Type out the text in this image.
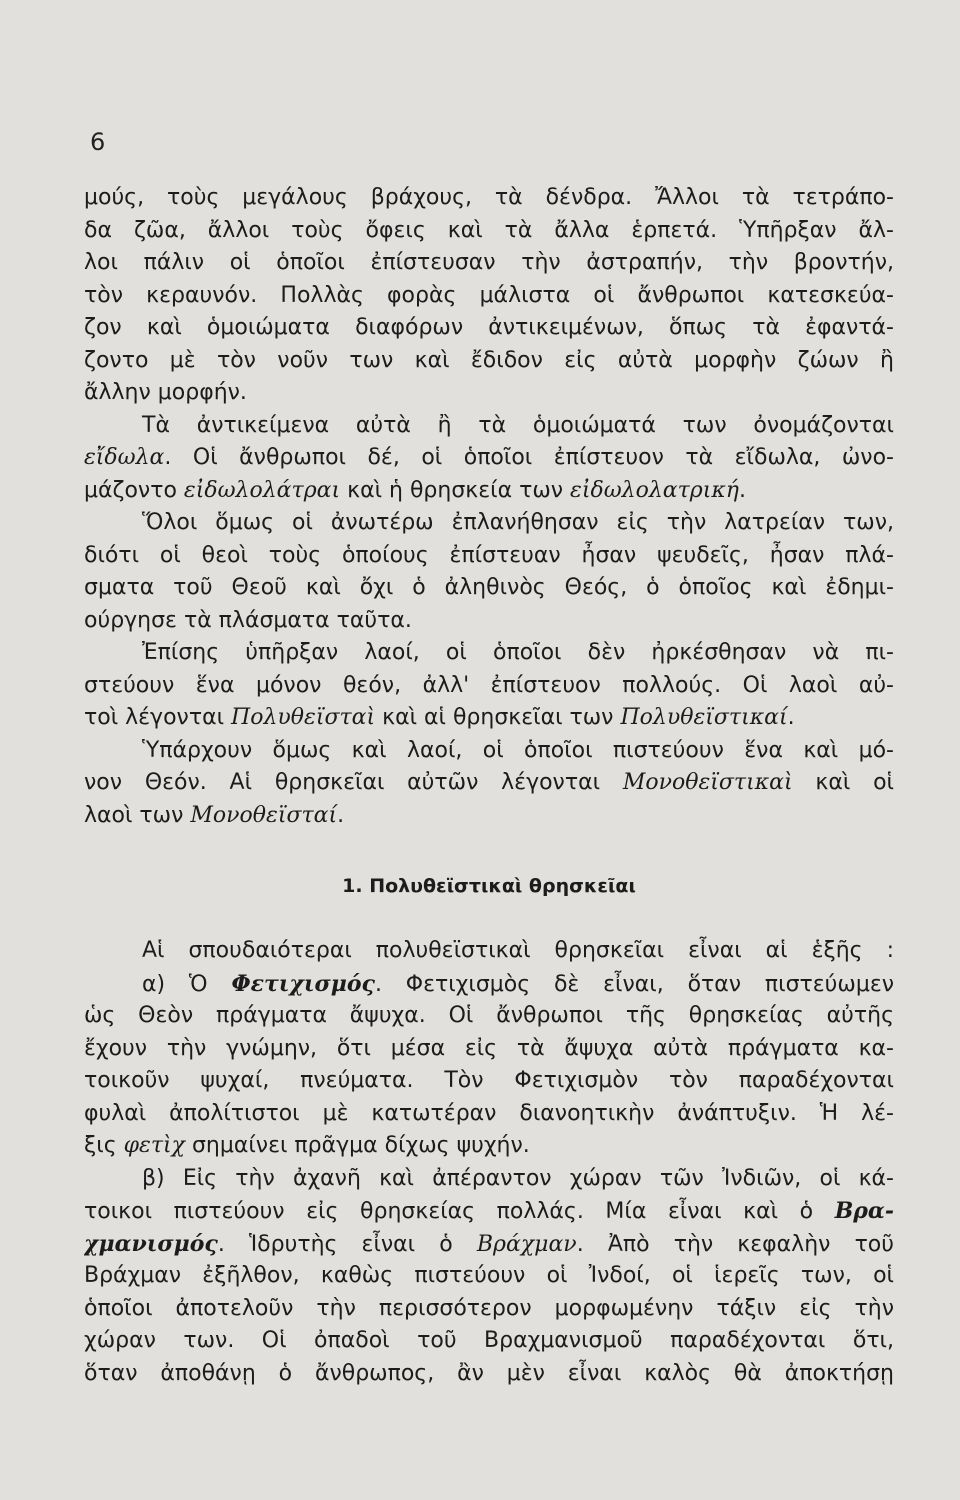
6
μούς, τοὺς μεγάλους βράχους, τὰ δένδρα. Ἄλλοι τὰ τετράπο-
δα ζῶα, ἄλλοι τοὺς ὄφεις καὶ τὰ ἄλλα ἑρπετά. Ὑπῆρξαν ἄλ-
λοι πάλιν οἱ ὁποῖοι ἐπίστευσαν τὴν ἀστραπήν, τὴν βροντήν,
τὸν κεραυνόν. Πολλὰς φορὰς μάλιστα οἱ ἄνθρωποι κατεσκεύα-
ζον καὶ ὁμοιώματα διαφόρων ἀντικειμένων, ὅπως τὰ ἐφαντά-
ζοντο μὲ τὸν νοῦν των καὶ ἔδιδον εἰς αὐτὰ μορφὴν ζώων ἢ
ἄλλην μορφήν.
Τὰ ἀντικείμενα αὐτὰ ἢ τὰ ὁμοιώματά των ὀνομάζονται
εἴδωλα. Οἱ ἄνθρωποι δέ, οἱ ὁποῖοι ἐπίστευον τὰ εἴδωλα, ὠνο-
μάζοντο εἰδωλολάτραι καὶ ἡ θρησκεία των εἰδωλολατρική.
Ὅλοι ὅμως οἱ ἀνωτέρω ἐπλανήθησαν εἰς τὴν λατρείαν των,
διότι οἱ θεοὶ τοὺς ὁποίους ἐπίστευαν ἦσαν ψευδεῖς, ἦσαν πλά-
σματα τοῦ Θεοῦ καὶ ὄχι ὁ ἀληθινὸς Θεός, ὁ ὁποῖος καὶ ἐδημι-
ούργησε τὰ πλάσματα ταῦτα.
Ἐπίσης ὑπῆρξαν λαοί, οἱ ὁποῖοι δὲν ἠρκέσθησαν νὰ πι-
στεύουν ἕνα μόνον θεόν, ἀλλ' ἐπίστευον πολλούς. Οἱ λαοὶ αὐ-
τοὶ λέγονται Πολυθεϊσταὶ καὶ αἱ θρησκεῖαι των Πολυθεϊστικαί.
Ὑπάρχουν ὅμως καὶ λαοί, οἱ ὁποῖοι πιστεύουν ἕνα καὶ μό-
νον Θεόν. Αἱ θρησκεῖαι αὐτῶν λέγονται Μονοθεϊστικαὶ καὶ οἱ
λαοὶ των Μονοθεϊσταί.
1. Πολυθεϊστικαὶ θρησκεῖαι
Αἱ σπουδαιότεραι πολυθεϊστικαὶ θρησκεῖαι εἶναι αἱ ἑξῆς :
α) Ὁ Φετιχισμός. Φετιχισμὸς δὲ εἶναι, ὅταν πιστεύωμεν
ὡς Θεὸν πράγματα ἄψυχα. Οἱ ἄνθρωποι τῆς θρησκείας αὐτῆς
ἔχουν τὴν γνώμην, ὅτι μέσα εἰς τὰ ἄψυχα αὐτὰ πράγματα κα-
τοικοῦν ψυχαί, πνεύματα. Τὸν Φετιχισμὸν τὸν παραδέχονται
φυλαὶ ἀπολίτιστοι μὲ κατωτέραν διανοητικὴν ἀνάπτυξιν. Ἡ λέ-
ξις φετὶχ σημαίνει πρᾶγμα δίχως ψυχήν.
β) Εἰς τὴν ἀχανῆ καὶ ἀπέραντον χώραν τῶν Ἰνδιῶν, οἱ κά-
τοικοι πιστεύουν εἰς θρησκείας πολλάς. Μία εἶναι καὶ ὁ Βρα-
χμανισμός. Ἱδρυτὴς εἶναι ὁ Βράχμαν. Ἀπὸ τὴν κεφαλὴν τοῦ
Βράχμαν ἐξῆλθον, καθὼς πιστεύουν οἱ Ἰνδοί, οἱ ἱερεῖς των, οἱ
ὁποῖοι ἀποτελοῦν τὴν περισσότερον μορφωμένην τάξιν εἰς τὴν
χώραν των. Οἱ ὀπαδοὶ τοῦ Βραχμανισμοῦ παραδέχονται ὅτι,
ὅταν ἀποθάνῃ ὁ ἄνθρωπος, ἂν μὲν εἶναι καλὸς θὰ ἀποκτήσῃ
